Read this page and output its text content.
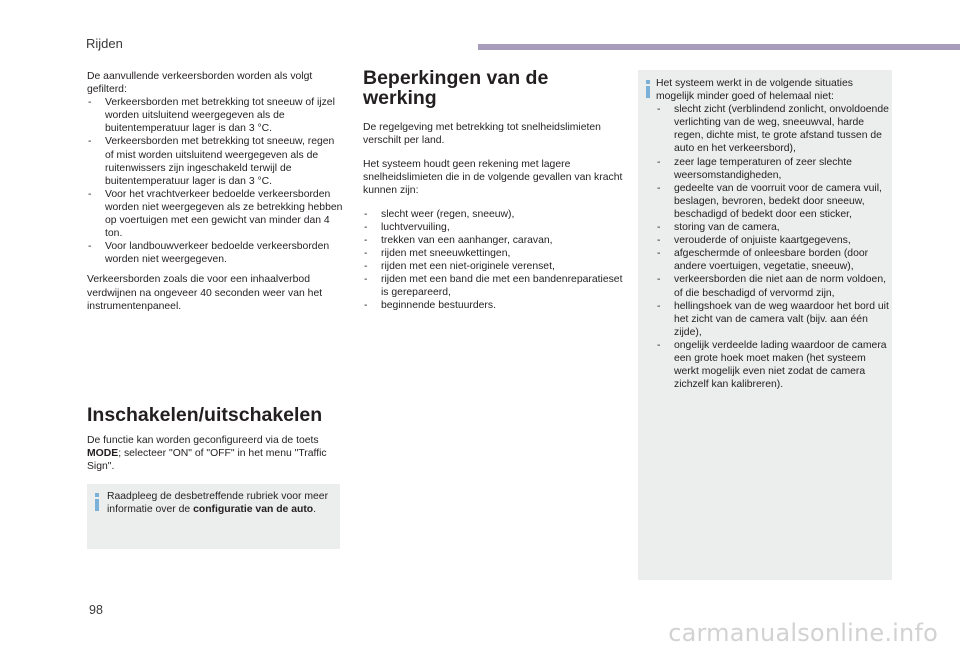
Rijden

De aanvullende verkeersborden worden als volgt gefilterd:

- Verkeersborden met betrekking tot sneeuw of ijzel worden uitsluitend weergegeven als de buitentemperatuur lager is dan 3 °C.
- Verkeersborden met betrekking tot sneeuw, regen of mist worden uitsluitend weergegeven als de ruitenwissers zijn ingeschakeld terwijl de buitentemperatuur lager is dan 3 °C.
- Voor het vrachtverkeer bedoelde verkeersborden worden niet weergegeven als ze betrekking hebben op voertuigen met een gewicht van minder dan 4 ton.
- Voor landbouwverkeer bedoelde verkeersborden worden niet weergegeven.

Verkeersborden zoals die voor een inhaalverbod verdwijnen na ongeveer 40 seconden weer van het instrumentenpaneel.

Inschakelen/uitschakelen
De functie kan worden geconfigureerd via de toets MODE; selecteer "ON" of "OFF" in het menu "Traffic Sign".
Raadpleeg de desbetreffende rubriek voor meer informatie over de configuratie van de auto.
Beperkingen van de werking

De regelgeving met betrekking tot snelheidslimieten verschilt per land.

Het systeem houdt geen rekening met lagere snelheidslimieten die in de volgende gevallen van kracht kunnen zijn:

- slecht weer (regen, sneeuw),
- luchtvervuiling,
- trekken van een aanhanger, caravan,
- rijden met sneeuwkettingen,
- rijden met een niet-originele verenset,
- rijden met een band die met een bandenreparatieset is gerepareerd,
- beginnende bestuurders.

Het systeem werkt in de volgende situaties mogelijk minder goed of helemaal niet:

- slecht zicht (verblindend zonlicht, onvoldoende verlichting van de weg, sneeuwval, harde regen, dichte mist, te grote afstand tussen de auto en het verkeersbord),
- zeer lage temperaturen of zeer slechte weersomstandigheden,
- gedeelte van de voorruit voor de camera vuil, beslagen, bevroren, bedekt door sneeuw, beschadigd of bedekt door een sticker,
- storing van de camera,
- verouderde of onjuiste kaartgegevens,
- afgeschermde of onleesbare borden (door andere voertuigen, vegetatie, sneeuw),
- verkeersborden die niet aan de norm voldoen, of die beschadigd of vervormd zijn,
- hellingshoek van de weg waardoor het bord uit het zicht van de camera valt (bijv. aan één zijde),
- ongelijk verdeelde lading waardoor de camera een grote hoek moet maken (het systeem werkt mogelijk even niet zodat de camera zichzelf kan kalibreren).
98
carmanualsonline.info
